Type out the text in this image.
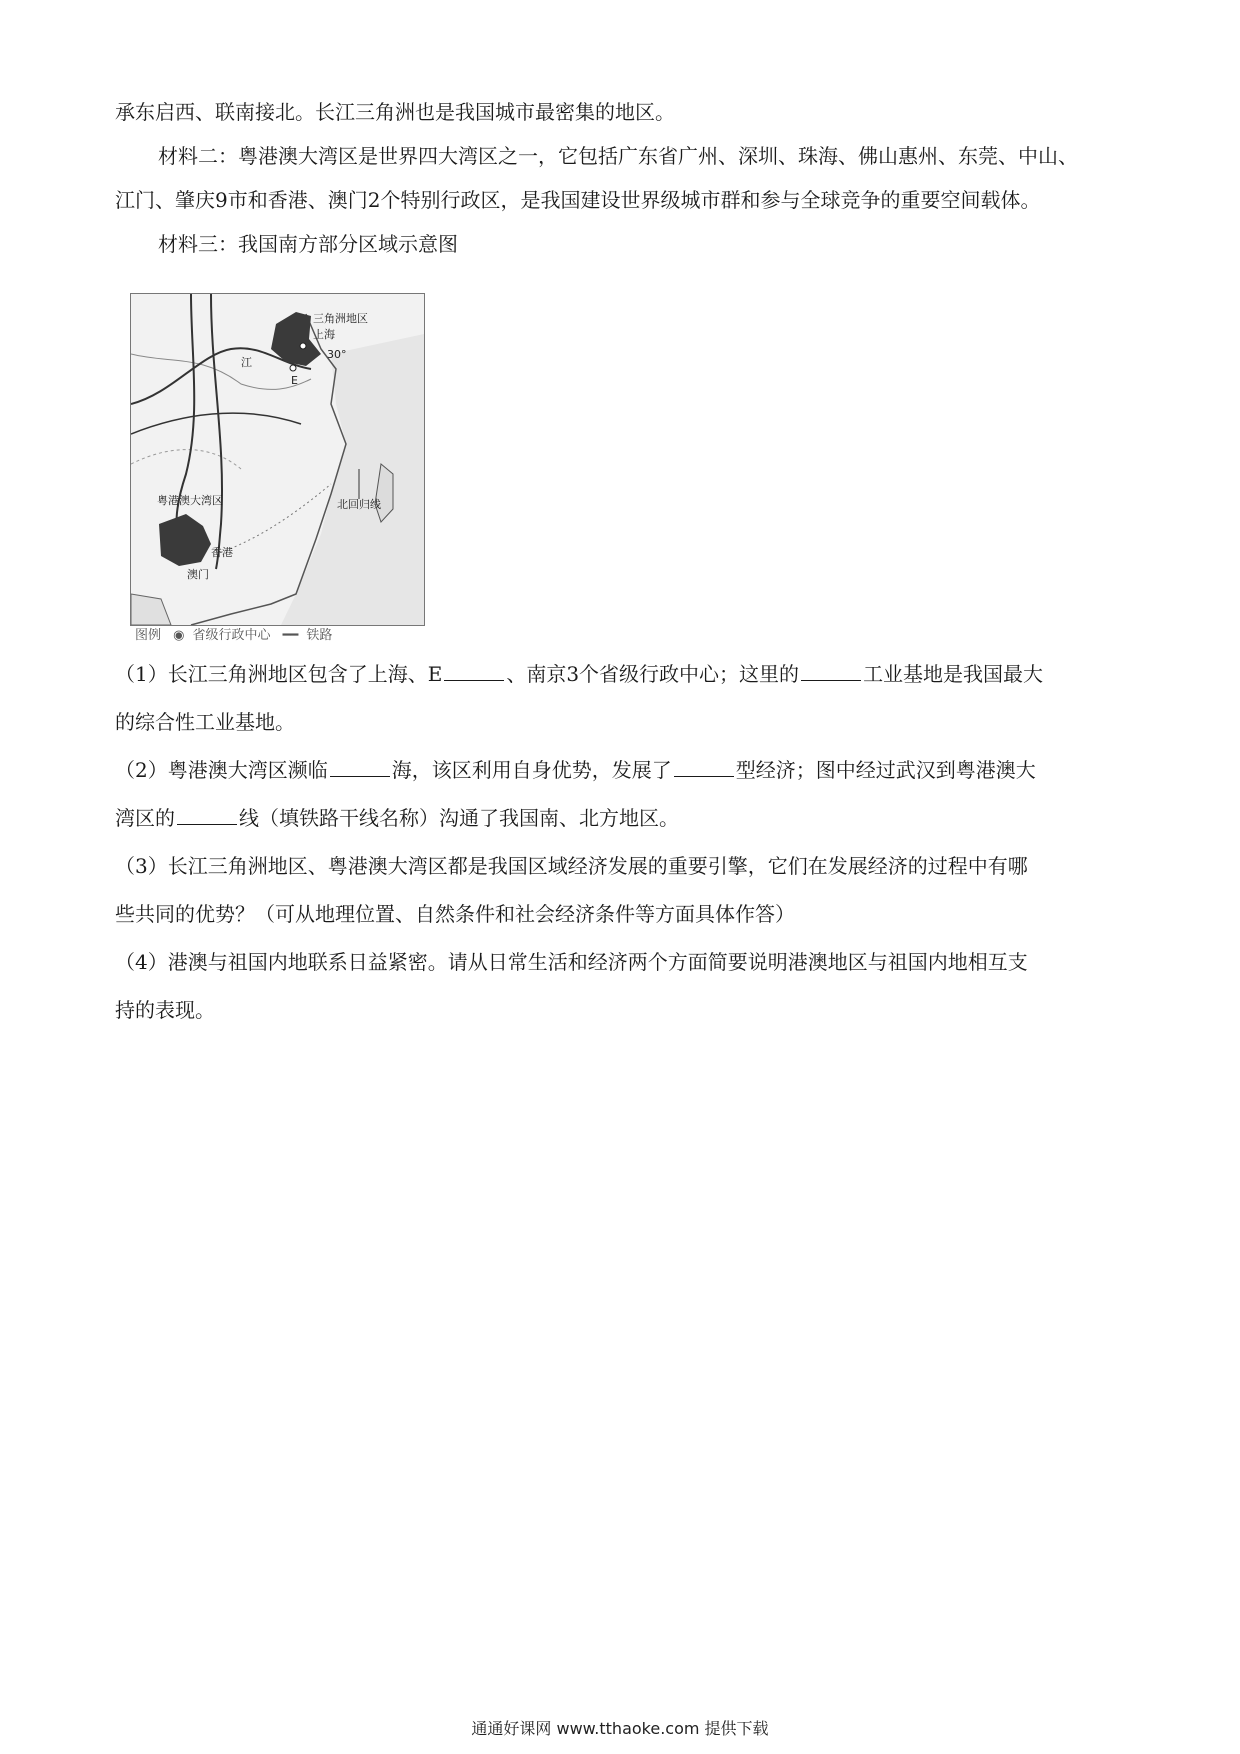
承东启西、联南接北。长江三角洲也是我国城市最密集的地区。
材料二：粤港澳大湾区是世界四大湾区之一，它包括广东省广州、深圳、珠海、佛山惠州、东莞、中山、
江门、肇庆9市和香港、澳门2个特别行政区，是我国建设世界级城市群和参与全球竞争的重要空间载体。
材料三：我国南方部分区域示意图
三角洲地区
上海
30°
E
江
粤港澳大湾区
香港
澳门
北回归线
图例 ◉ 省级行政中心 ━━ 铁路
（1）长江三角洲地区包含了上海、E	、南京3个省级行政中心；这里的	工业基地是我国最大
的综合性工业基地。
（2）粤港澳大湾区濒临	海，该区利用自身优势，发展了	型经济；图中经过武汉到粤港澳大
湾区的	线（填铁路干线名称）沟通了我国南、北方地区。
（3）长江三角洲地区、粤港澳大湾区都是我国区域经济发展的重要引擎，它们在发展经济的过程中有哪
些共同的优势？（可从地理位置、自然条件和社会经济条件等方面具体作答）
（4）港澳与祖国内地联系日益紧密。请从日常生活和经济两个方面简要说明港澳地区与祖国内地相互支
持的表现。
通通好课网 www.tthaoke.com 提供下载
